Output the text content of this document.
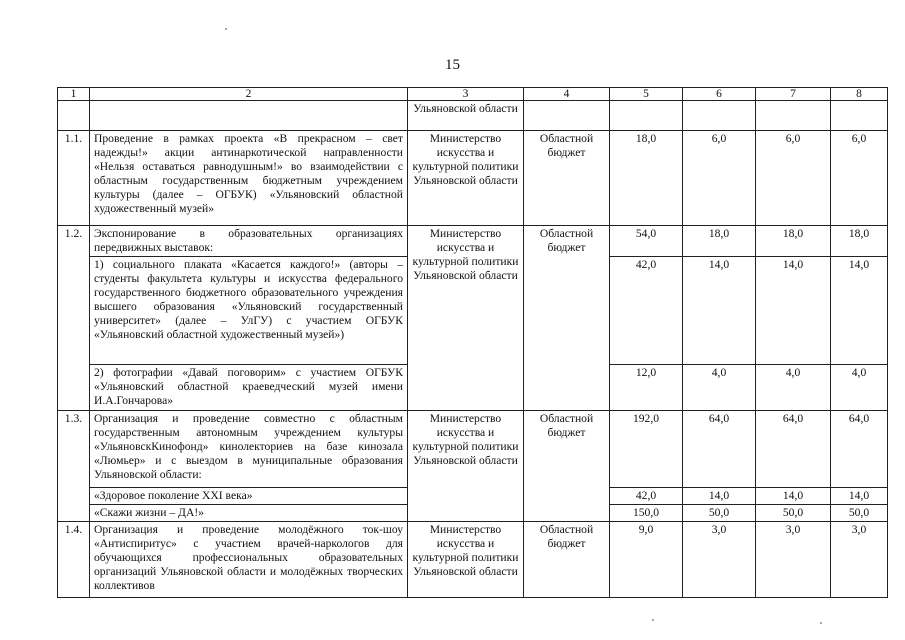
15
1	2	3	4	5	6	7	8
		Ульяновской области					
1.1.	Проведение в рамках проекта «В прекрасном – свет надежды!» акции антинаркотической направленности «Нельзя оставаться равнодушным!» во взаимодействии с областным государственным бюджетным учреждением культуры (далее – ОГБУК) «Ульяновский областной художественный музей»	Министерство искусства и культурной политики Ульяновской области	Областной бюджет	18,0	6,0	6,0	6,0
1.2.	Экспонирование в образовательных организациях передвижных выставок:	Министерство искусства и культурной политики Ульяновской области	Областной бюджет	54,0	18,0	18,0	18,0
	1) социального плаката «Касается каждого!» (авторы – студенты факультета культуры и искусства федерального государственного бюджетного образовательного учреждения высшего образования «Ульяновский государственный университет» (далее – УлГУ) с участием ОГБУК «Ульяновский областной художественный музей»)			42,0	14,0	14,0	14,0
	2) фотографии «Давай поговорим» с участием ОГБУК «Ульяновский областной краеведческий музей имени И.А.Гончарова»			12,0	4,0	4,0	4,0
1.3.	Организация и проведение совместно с областным государственным автономным учреждением культуры «УльяновскКинофонд» кинолекториев на базе кинозала «Люмьер» и с выездом в муниципальные образования Ульяновской области:	Министерство искусства и культурной политики Ульяновской области	Областной бюджет	192,0	64,0	64,0	64,0
	«Здоровое поколение XXI века»			42,0	14,0	14,0	14,0
	«Скажи жизни – ДА!»			150,0	50,0	50,0	50,0
1.4.	Организация и проведение молодёжного ток-шоу «Антиспиритус» с участием врачей-наркологов для обучающихся профессиональных образовательных организаций Ульяновской области и молодёжных творческих коллективов	Министерство искусства и культурной политики Ульяновской области	Областной бюджет	9,0	3,0	3,0	3,0
